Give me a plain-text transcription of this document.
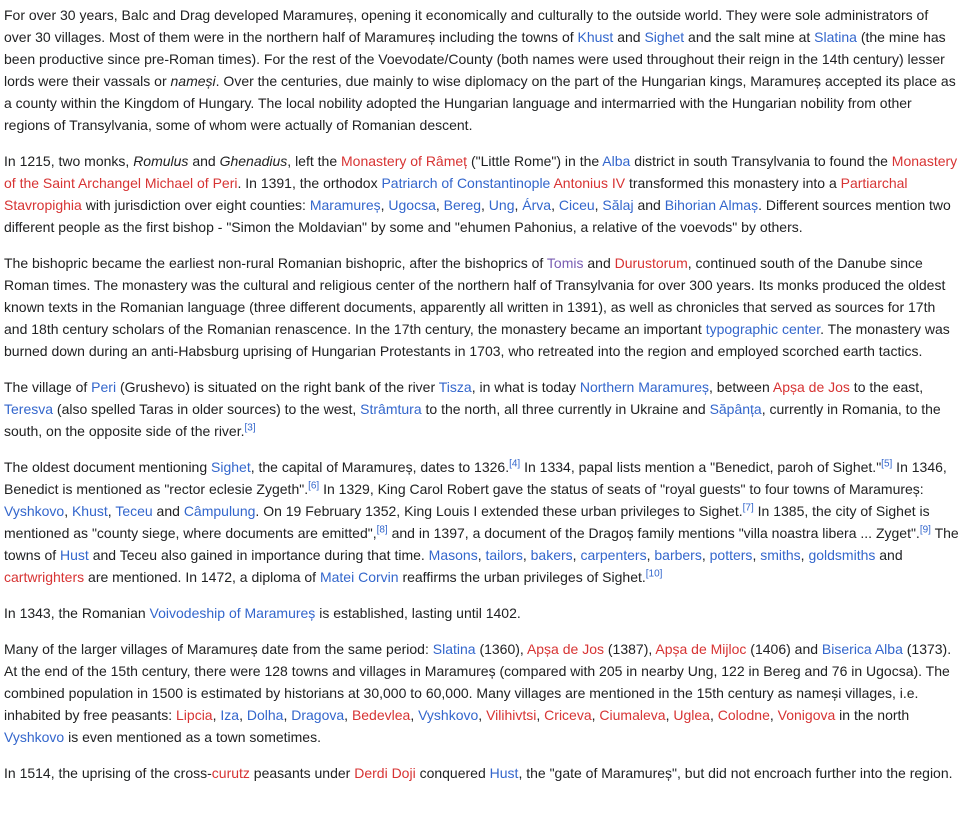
For over 30 years, Balc and Drag developed Maramureș, opening it economically and culturally to the outside world. They were sole administrators of over 30 villages. Most of them were in the northern half of Maramureș including the towns of Khust and Sighet and the salt mine at Slatina (the mine has been productive since pre-Roman times). For the rest of the Voevodate/County (both names were used throughout their reign in the 14th century) lesser lords were their vassals or nameși. Over the centuries, due mainly to wise diplomacy on the part of the Hungarian kings, Maramureș accepted its place as a county within the Kingdom of Hungary. The local nobility adopted the Hungarian language and intermarried with the Hungarian nobility from other regions of Transylvania, some of whom were actually of Romanian descent.

In 1215, two monks, Romulus and Ghenadius, left the Monastery of Râmeț ("Little Rome") in the Alba district in south Transylvania to found the Monastery of the Saint Archangel Michael of Peri. In 1391, the orthodox Patriarch of Constantinople Antonius IV transformed this monastery into a Partiarchal Stavropighia with jurisdiction over eight counties: Maramureș, Ugocsa, Bereg, Ung, Árva, Ciceu, Sălaj and Bihorian Almaș. Different sources mention two different people as the first bishop - "Simon the Moldavian" by some and "ehumen Pahonius, a relative of the voevods" by others.

The bishopric became the earliest non-rural Romanian bishopric, after the bishoprics of Tomis and Durustorum, continued south of the Danube since Roman times. The monastery was the cultural and religious center of the northern half of Transylvania for over 300 years. Its monks produced the oldest known texts in the Romanian language (three different documents, apparently all written in 1391), as well as chronicles that served as sources for 17th and 18th century scholars of the Romanian renascence. In the 17th century, the monastery became an important typographic center. The monastery was burned down during an anti-Habsburg uprising of Hungarian Protestants in 1703, who retreated into the region and employed scorched earth tactics.

The village of Peri (Grushevo) is situated on the right bank of the river Tisza, in what is today Northern Maramureș, between Apșa de Jos to the east, Teresva (also spelled Taras in older sources) to the west, Strâmtura to the north, all three currently in Ukraine and Săpânța, currently in Romania, to the south, on the opposite side of the river.[3]

The oldest document mentioning Sighet, the capital of Maramureș, dates to 1326.[4] In 1334, papal lists mention a "Benedict, paroh of Sighet."[5] In 1346, Benedict is mentioned as "rector eclesie Zygeth".[6] In 1329, King Carol Robert gave the status of seats of "royal guests" to four towns of Maramureș: Vyshkovo, Khust, Teceu and Câmpulung. On 19 February 1352, King Louis I extended these urban privileges to Sighet.[7] In 1385, the city of Sighet is mentioned as "county siege, where documents are emitted",[8] and in 1397, a document of the Dragoș family mentions "villa noastra libera ... Zyget".[9] The towns of Hust and Teceu also gained in importance during that time. Masons, tailors, bakers, carpenters, barbers, potters, smiths, goldsmiths and cartwrighters are mentioned. In 1472, a diploma of Matei Corvin reaffirms the urban privileges of Sighet.[10]

In 1343, the Romanian Voivodeship of Maramureș is established, lasting until 1402.

Many of the larger villages of Maramureș date from the same period: Slatina (1360), Apșa de Jos (1387), Apșa de Mijloc (1406) and Biserica Alba (1373). At the end of the 15th century, there were 128 towns and villages in Maramureș (compared with 205 in nearby Ung, 122 in Bereg and 76 in Ugocsa). The combined population in 1500 is estimated by historians at 30,000 to 60,000. Many villages are mentioned in the 15th century as nameși villages, i.e. inhabited by free peasants: Lipcia, Iza, Dolha, Dragova, Bedevlea, Vyshkovo, Vilihivtsi, Criceva, Ciumaleva, Uglea, Colodne, Vonigova in the north Vyshkovo is even mentioned as a town sometimes.

In 1514, the uprising of the cross-curutz peasants under Derdi Doji conquered Hust, the "gate of Maramureș", but did not encroach further into the region.
